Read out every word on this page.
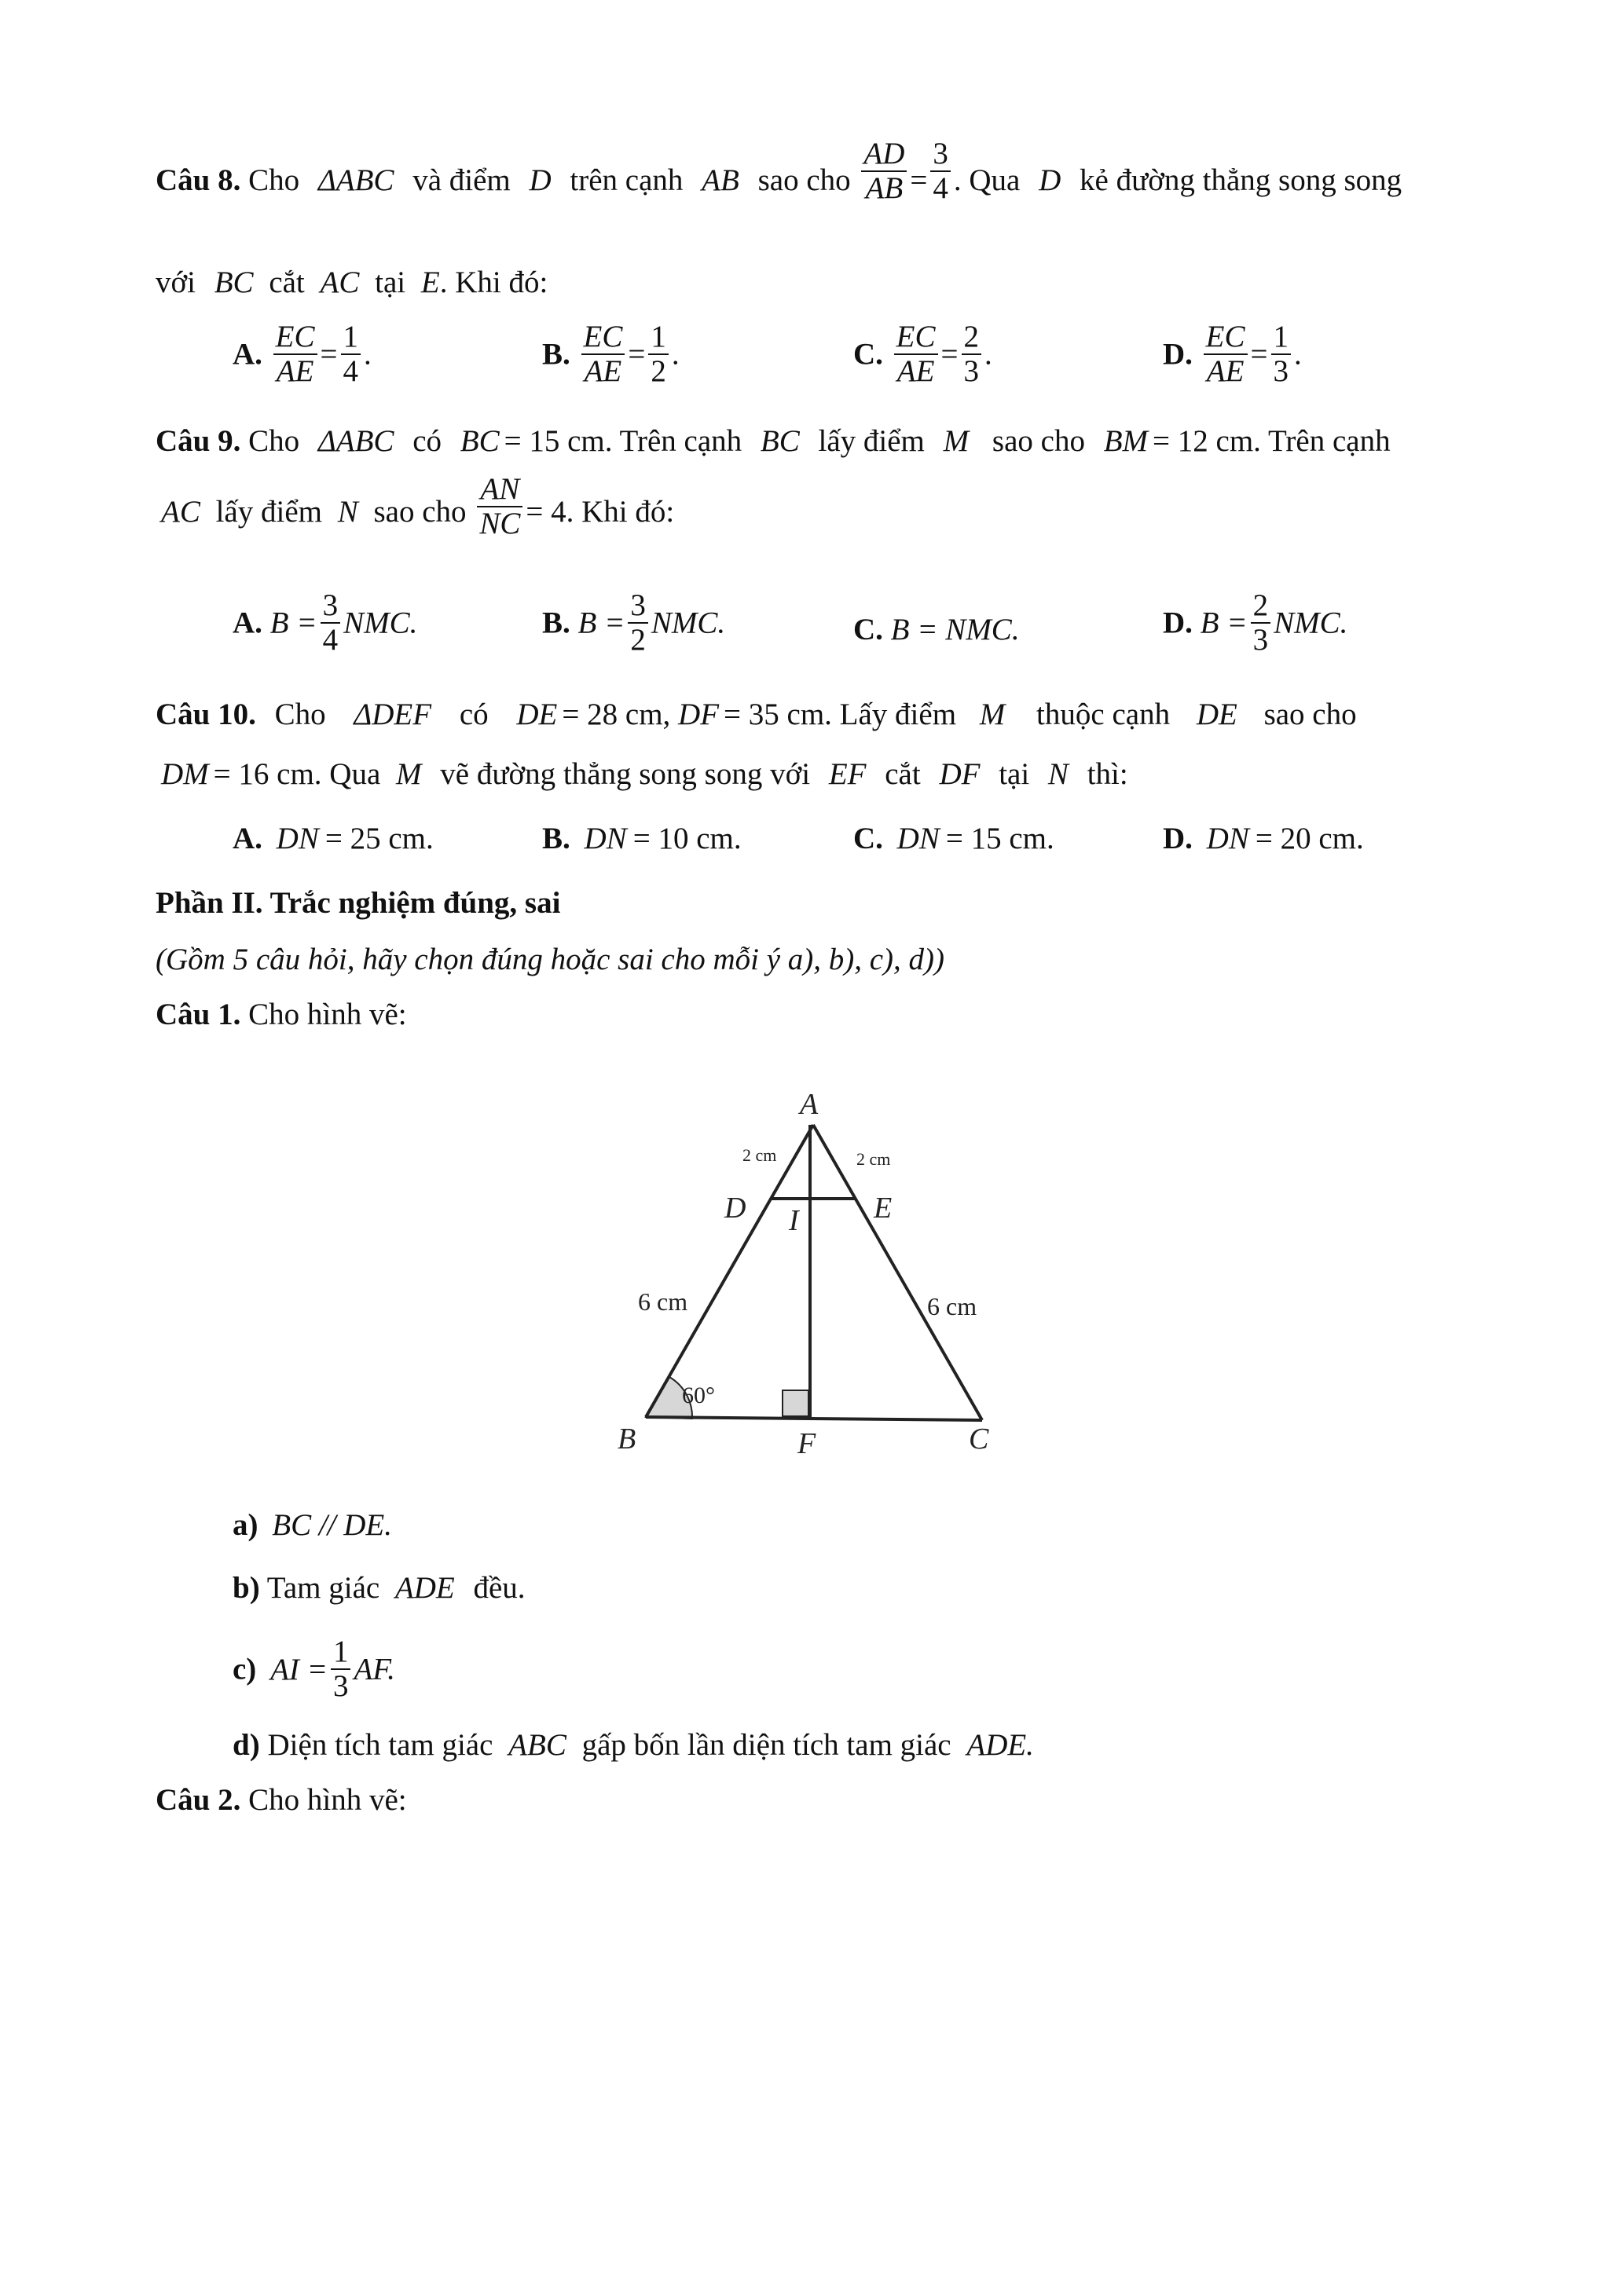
Câu 8. Cho ΔABC và điểm D trên cạnh AB sao cho $\frac{AD}{AB} = \frac{3}{4}$ . Qua D kẻ đường thẳng song song
với BC cắt AC tại E. Khi đó:
A. $\frac{EC}{AE} = \frac{1}{4}$ .	B. $\frac{EC}{AE} = \frac{1}{2}$ .	C. $\frac{EC}{AE} = \frac{2}{3}$ .	D. $\frac{EC}{AE} = \frac{1}{3}$ .
Câu 9. Cho ΔABC có BC = 15 cm. Trên cạnh BC lấy điểm M sao cho BM = 12 cm. Trên cạnh
AC lấy điểm N sao cho $\frac{AN}{NC} = 4$. Khi đó:
A. $B = \frac{3}{4}$ NMC.	B. $B = \frac{3}{2}$ NMC.	C. B = NMC.	D. $B = \frac{2}{3}$ NMC.
Câu 10. Cho ΔDEF có DE = 28 cm, DF = 35 cm. Lấy điểm M thuộc cạnh DE sao cho
DM = 16 cm. Qua M vẽ đường thẳng song song với EF cắt DF tại N thì:
A. DN = 25 cm.	B. DN = 10 cm.	C. DN = 15 cm.	D. DN = 20 cm.
Phần II. Trắc nghiệm đúng, sai
(Gồm 5 câu hỏi, hãy chọn đúng hoặc sai cho mỗi ý a), b), c), d))
Câu 1. Cho hình vẽ:
A
D	E
I
B	F	C
2 cm	2 cm
6 cm	6 cm
60°
a) BC // DE.
b) Tam giác ADE đều.
c) AI = $\frac{1}{3}$ AF.
d) Diện tích tam giác ABC gấp bốn lần diện tích tam giác ADE.
Câu 2. Cho hình vẽ:
